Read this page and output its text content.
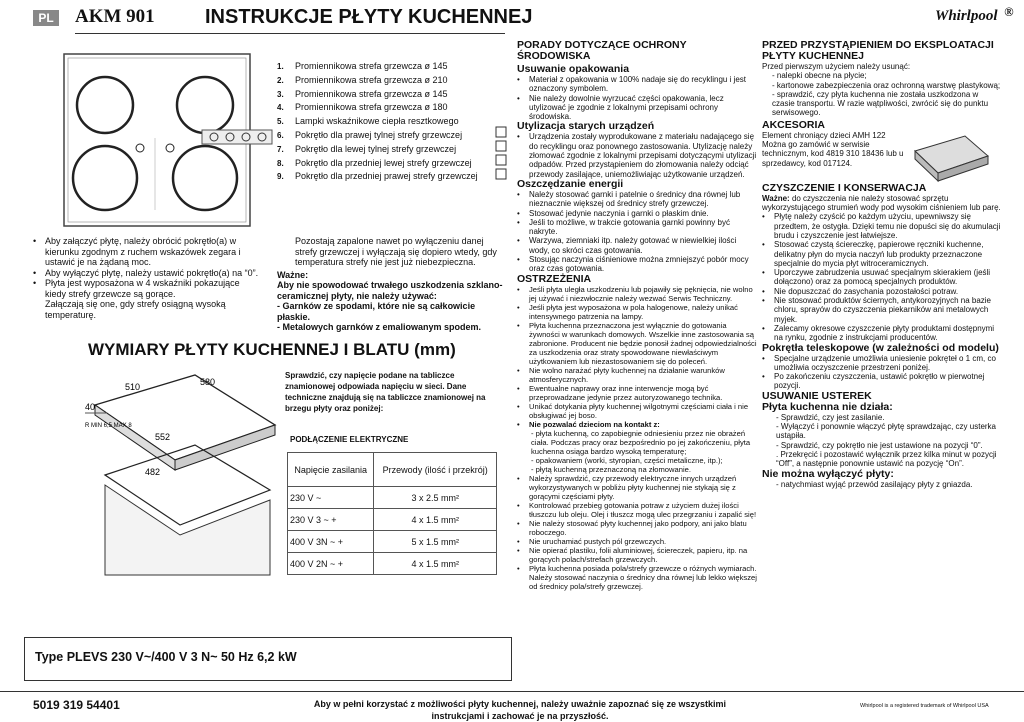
PL AKM 901	INSTRUKCJE PŁYTY KUCHENNEJ	Whirlpool ®
1.	Promiennikowa strefa grzewcza ø 145
2.	Promiennikowa strefa grzewcza ø 210
3.	Promiennikowa strefa grzewcza ø 145
4.	Promiennikowa strefa grzewcza ø 180
5.	Lampki wskaźnikowe ciepła resztkowego
6.	Pokrętło dla prawej tylnej strefy grzewczej
7.	Pokrętło dla lewej tylnej strefy grzewczej
8.	Pokrętło dla przedniej lewej strefy grzewczej
9.	Pokrętło dla przedniej prawej strefy grzewczej
• Aby załączyć płytę, należy obrócić pokrętło(a) w kierunku zgodnym z ruchem wskazówek zegara i ustawić je na żądaną moc.
• Aby wyłączyć płytę, należy ustawić pokrętło(a) na “0”.
• Płyta jest wyposażona w 4 wskaźniki pokazujące kiedy strefy grzewcze są gorące.
Załączają się one, gdy strefy osiągną wysoką temperaturę.
Pozostają zapalone nawet po wyłączeniu danej strefy grzewczej i wyłączają się dopiero wtedy, gdy temperatura strefy nie jest już niebezpieczna.
Ważne:
Aby nie spowodować trwałego uszkodzenia szklano-ceramicznej płyty, nie należy używać:
- Garnków ze spodami, które nie są całkowicie płaskie.
- Metalowych garnków z emaliowanym spodem.
WYMIARY PŁYTY KUCHENNEJ I BLATU (mm)
580
510
552
482
40
R MIN 6,5 MAX 8
Sprawdzić, czy napięcie podane na tabliczce znamionowej odpowiada napięciu w sieci. Dane techniczne znajdują się na tabliczce znamionowej na brzegu płyty oraz poniżej:
PODŁĄCZENIE ELEKTRYCZNE
Napięcie zasilania	Przewody (ilość i przekrój)
230 V ~	3 x 2.5 mm²
230 V 3 ~ +	4 x 1.5 mm²
400 V 3N ~ +	5 x 1.5 mm²
400 V 2N ~ +	4 x 1.5 mm²
Type PLEVS 230 V~/400 V 3 N~ 50 Hz 6,2 kW
PORADY DOTYCZĄCE OCHRONY ŚRODOWISKA
Usuwanie opakowania
• Materiał z opakowania w 100% nadaje się do recyklingu i jest oznaczony symbolem.
• Nie należy dowolnie wyrzucać części opakowania, lecz utylizować je zgodnie z lokalnymi przepisami ochrony środowiska.
Utylizacja starych urządzeń
• Urządzenia zostały wyprodukowane z materiału nadającego się do recyklingu oraz ponownego zastosowania. Utylizację należy złomować zgodnie z lokalnymi przepisami dotyczącymi utylizacji odpadów. Przed przystąpieniem do złomowania należy odciąć przewody zasilające, uniemożliwiając użytkowanie urządzeń.
Oszczędzanie energii
• Należy stosować garnki i patelnie o średnicy dna równej lub nieznacznie większej od średnicy strefy grzewczej.
• Stosować jedynie naczynia i garnki o płaskim dnie.
• Jeśli to możliwe, w trakcie gotowania garnki powinny być nakryte.
• Warzywa, ziemniaki itp. należy gotować w niewielkiej ilości wody, co skróci czas gotowania.
• Stosując naczynia ciśnieniowe można zmniejszyć pobór mocy oraz czas gotowania.
OSTRZEŻENIA
• Jeśli płyta uległa uszkodzeniu lub pojawiły się pęknięcia, nie wolno jej używać i niezwłocznie należy wezwać Serwis Techniczny.
• Jeśli płyta jest wyposażona w pola halogenowe, należy unikać intensywnego patrzenia na lampy.
• Płyta kuchenna przeznaczona jest wyłącznie do gotowania żywności w warunkach domowych. Wszelkie inne zastosowania są zabronione. Producent nie będzie ponosił żadnej odpowiedzialności za uszkodzenia oraz straty spowodowane niewłaściwym użytkowaniem lub niezastosowaniem się do poleceń.
• Nie wolno narażać płyty kuchennej na działanie warunków atmosferycznych.
• Ewentualne naprawy oraz inne interwencje mogą być przeprowadzane jedynie przez autoryzowanego technika.
• Unikać dotykania płyty kuchennej wilgotnymi częściami ciała i nie obsługiwać jej boso.
• Nie pozwalać dzieciom na kontakt z:
- płyta kuchenną, co zapobiegnie odniesieniu przez nie obrażeń ciała. Podczas pracy oraz bezpośrednio po jej zakończeniu, płyta kuchenna osiąga bardzo wysoką temperaturę;
- opakowaniem (worki, styropian, części metaliczne, itp.);
- płytą kuchenną przeznaczoną na złomowanie.
• Należy sprawdzić, czy przewody elektryczne innych urządzeń wykorzystywanych w pobliżu płyty kuchennej nie stykają się z gorącymi częściami płyty.
• Kontrolować przebieg gotowania potraw z użyciem dużej ilości tłuszczu lub oleju. Olej i tłuszcz mogą ulec przegrzaniu i zapalić się!
• Nie należy stosować płyty kuchennej jako podpory, ani jako blatu roboczego.
• Nie uruchamiać pustych pól grzewczych.
• Nie opierać plastiku, folii aluminiowej, ściereczek, papieru, itp. na gorących polach/strefach grzewczych.
• Płyta kuchenna posiada pola/strefy grzewcze o różnych wymiarach. Należy stosować naczynia o średnicy dna równej lub lekko większej od średnicy pola/strefy grzewczej.
PRZED PRZYSTĄPIENIEM DO EKSPLOATACJI PŁYTY KUCHENNEJ
Przed pierwszym użyciem należy usunąć:
- nalepki obecne na płycie;
- kartonowe zabezpieczenia oraz ochronną warstwę plastykową;
- sprawdzić, czy płyta kuchenna nie została uszkodzona w czasie transportu. W razie wątpliwości, zwrócić się do punktu serwisowego.
AKCESORIA
Element chroniący dzieci AMH 122 Można go zamówić w serwisie technicznym, kod 4819 310 18436 lub u sprzedawcy, kod 017124.
CZYSZCZENIE I KONSERWACJA
Ważne: do czyszczenia nie należy stosować sprzętu wykorzystującego strumień wody pod wysokim ciśnieniem lub parę.
• Płytę należy czyścić po każdym użyciu, upewniwszy się przedtem, że ostygła. Dzięki temu nie dopuści się do akumulacji brudu i czyszczenie jest łatwiejsze.
• Stosować czystą ściereczkę, papierowe ręczniki kuchenne, delikatny płyn do mycia naczyń lub produkty przeznaczone specjalnie do mycia płyt witroceramicznych.
• Uporczywe zabrudzenia usuwać specjalnym skierakiem (jeśli dołączono) oraz za pomocą specjalnych produktów.
• Nie dopuszczać do zasychania pozostałości potraw.
• Nie stosować produktów ściernych, antykorozyjnych na bazie chloru, sprayów do czyszczenia piekarników ani metalowych myjek.
• Zalecamy okresowe czyszczenie płyty produktami dostępnymi na rynku, zgodnie z instrukcjami producentów.
Pokrętła teleskopowe (w zależności od modelu)
• Specjalne urządzenie umożliwia uniesienie pokręteł o 1 cm, co umożliwia oczyszczenie przestrzeni poniżej.
• Po zakończeniu czyszczenia, ustawić pokrętło w pierwotnej pozycji.
USUWANIE USTEREK
Płyta kuchenna nie działa:
- Sprawdzić, czy jest zasilanie.
- Wyłączyć i ponownie włączyć płytę sprawdzając, czy usterka ustąpiła.
- Sprawdzić, czy pokrętło nie jest ustawione na pozycji “0”.
. Przekręcić i pozostawić wyłącznik przez kilka minut w pozycji “Off”, a następnie ponownie ustawić na pozycję “On”.
Nie można wyłączyć płyty:
- natychmiast wyjąć przewód zasilający płyty z gniazda.
5019 319 54401	Aby w pełni korzystać z możliwości płyty kuchennej, należy uważnie zapoznać się ze wszystkimi instrukcjami i zachować je na przyszłość.
Whirlpool is a registered trademark of Whirlpool USA
